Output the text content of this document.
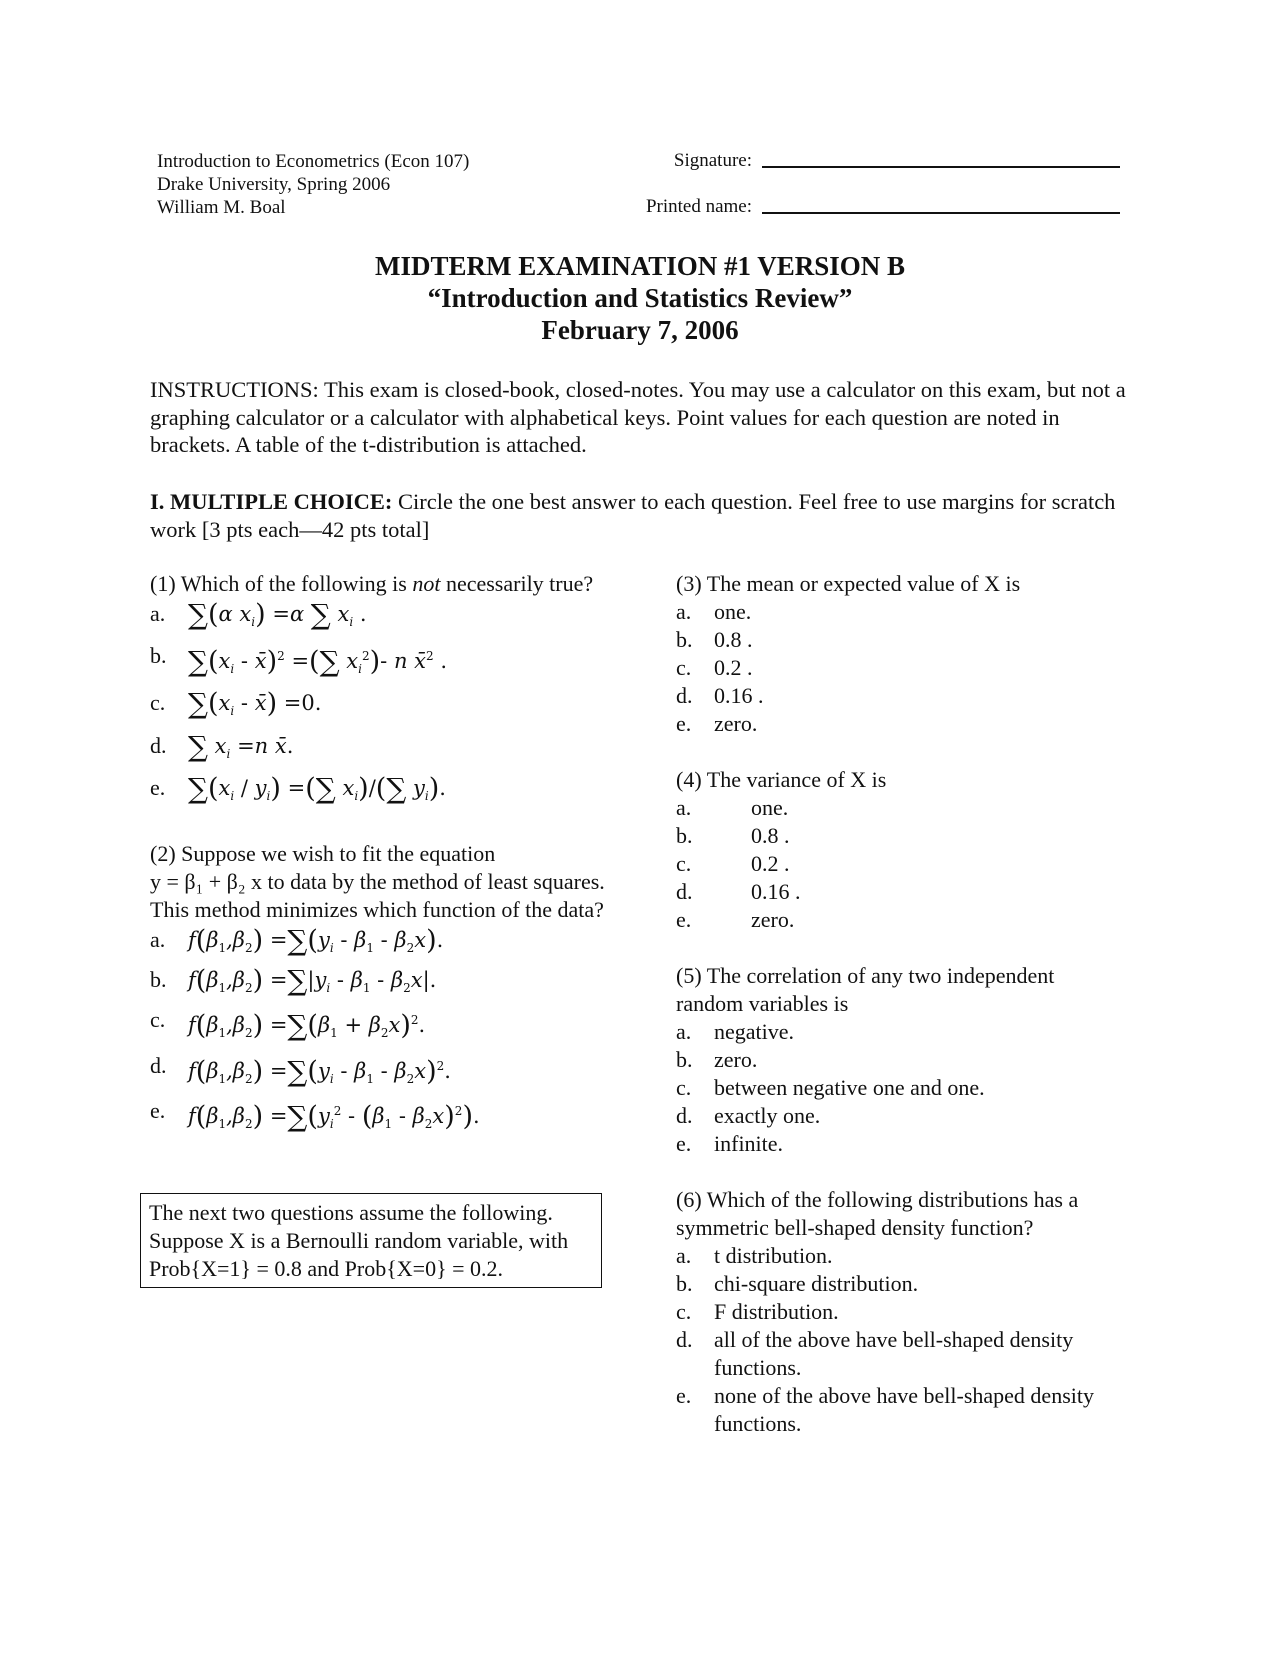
Introduction to Econometrics (Econ 107)
Drake University, Spring 2006
William M. Boal
Signature:
Printed name:
MIDTERM EXAMINATION #1 VERSION B
“Introduction and Statistics Review”
February 7, 2006
INSTRUCTIONS: This exam is closed-book, closed-notes. You may use a calculator on this exam, but not a graphing calculator or a calculator with alphabetical keys. Point values for each question are noted in brackets. A table of the t-distribution is attached.
I. MULTIPLE CHOICE: Circle the one best answer to each question. Feel free to use margins for scratch work [3 pts each—42 pts total]

(1) Which of the following is not necessarily true?

a. ∑(α $x_i) =\alpha$ ∑ $x_i$ .
b. $\sum(x_i$ - x̄)$^2$ =(∑ $x_i^2)-$ n x̄$^2$ .
c. $\sum(x_i$ - x̄) =0.
d. ∑ $x_i =n$ x̄.
e. $\sum(x_i / y_i)$ =(∑ $x_i)/(\sum$ $y_i$).

(2) Suppose we wish to fit the equation

y = β₁ + β₂ x to data by the method of least squares. This method minimizes which function of the data?

a.	$f(\beta_1,\beta_2) =\sum(y_i - \beta_1 - \beta_2x)$.
b.	$f(\beta_1,\beta_2) =\sum|y_i - \beta_1 - \beta_2x|$.
c.	$f(\beta_1,\beta_2) =\sum(\beta_1 + \beta_2x)^2$.
d.	$f(\beta_1,\beta_2) =\sum(y_i - \beta_1 - \beta_2x)^2$.
e.	$f(\beta_1,\beta_2) =\sum(y_i^2 - (\beta_1 - \beta_2x)^2)$.
The next two questions assume the following. Suppose X is a Bernoulli random variable, with Prob{X=1} = 0.8 and Prob{X=0} = 0.2.

(3) The mean or expected value of X is

a.	one.
b. 0.8 .
c.	0.2 .
d. 0.16 .
e.	zero.

(4) The variance of X is

a.	one.
b.	0.8 .
c.	0.2 .
d.	0.16 .
e.	zero.

(5) The correlation of any two independent random variables is

a.	negative.
b. zero.
c.	between negative one and one.
d. exactly one.
e.	infinite.

(6) Which of the following distributions has a symmetric bell-shaped density function?

a.	t distribution.
b. chi-square distribution.
c.	F distribution.
d. all of the above have bell-shaped density functions.
e.	none of the above have bell-shaped density functions.
